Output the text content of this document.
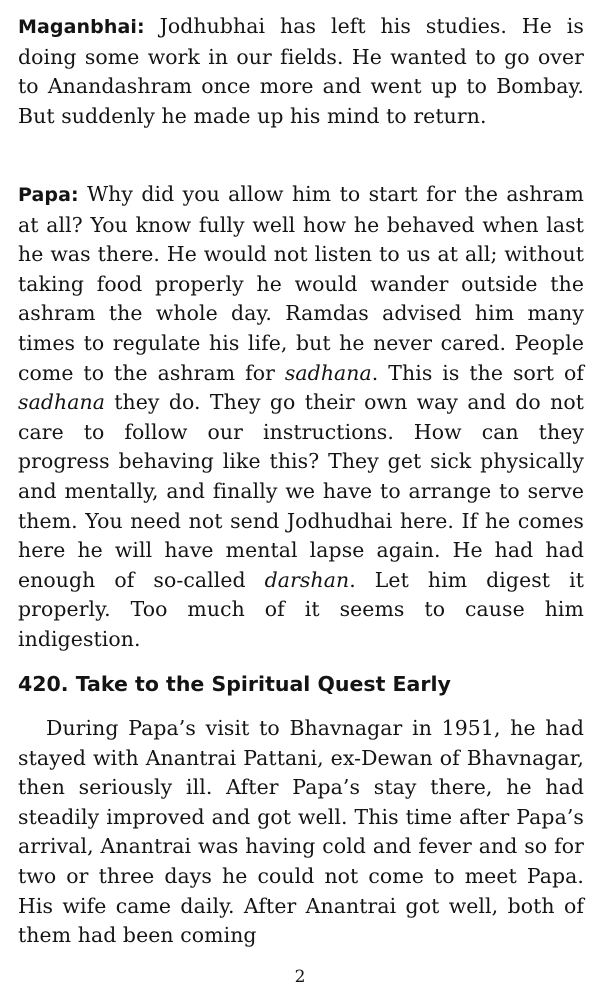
Maganbhai: Jodhubhai has left his studies. He is doing some work in our fields. He wanted to go over to Anandashram once more and went up to Bombay. But suddenly he made up his mind to return.

Papa: Why did you allow him to start for the ashram at all? You know fully well how he behaved when last he was there. He would not listen to us at all; without taking food properly he would wander outside the ashram the whole day. Ramdas advised him many times to regulate his life, but he never cared. People come to the ashram for sadhana. This is the sort of sadhana they do. They go their own way and do not care to follow our instructions. How can they progress behaving like this? They get sick physically and mentally, and finally we have to arrange to serve them. You need not send Jodhudhai here. If he comes here he will have mental lapse again. He had had enough of so-called darshan. Let him digest it properly. Too much of it seems to cause him indigestion.

420. Take to the Spiritual Quest Early

During Papa’s visit to Bhavnagar in 1951, he had stayed with Anantrai Pattani, ex-Dewan of Bhavnagar, then seriously ill. After Papa’s stay there, he had steadily improved and got well. This time after Papa’s arrival, Anantrai was having cold and fever and so for two or three days he could not come to meet Papa. His wife came daily. After Anantrai got well, both of them had been coming

2
